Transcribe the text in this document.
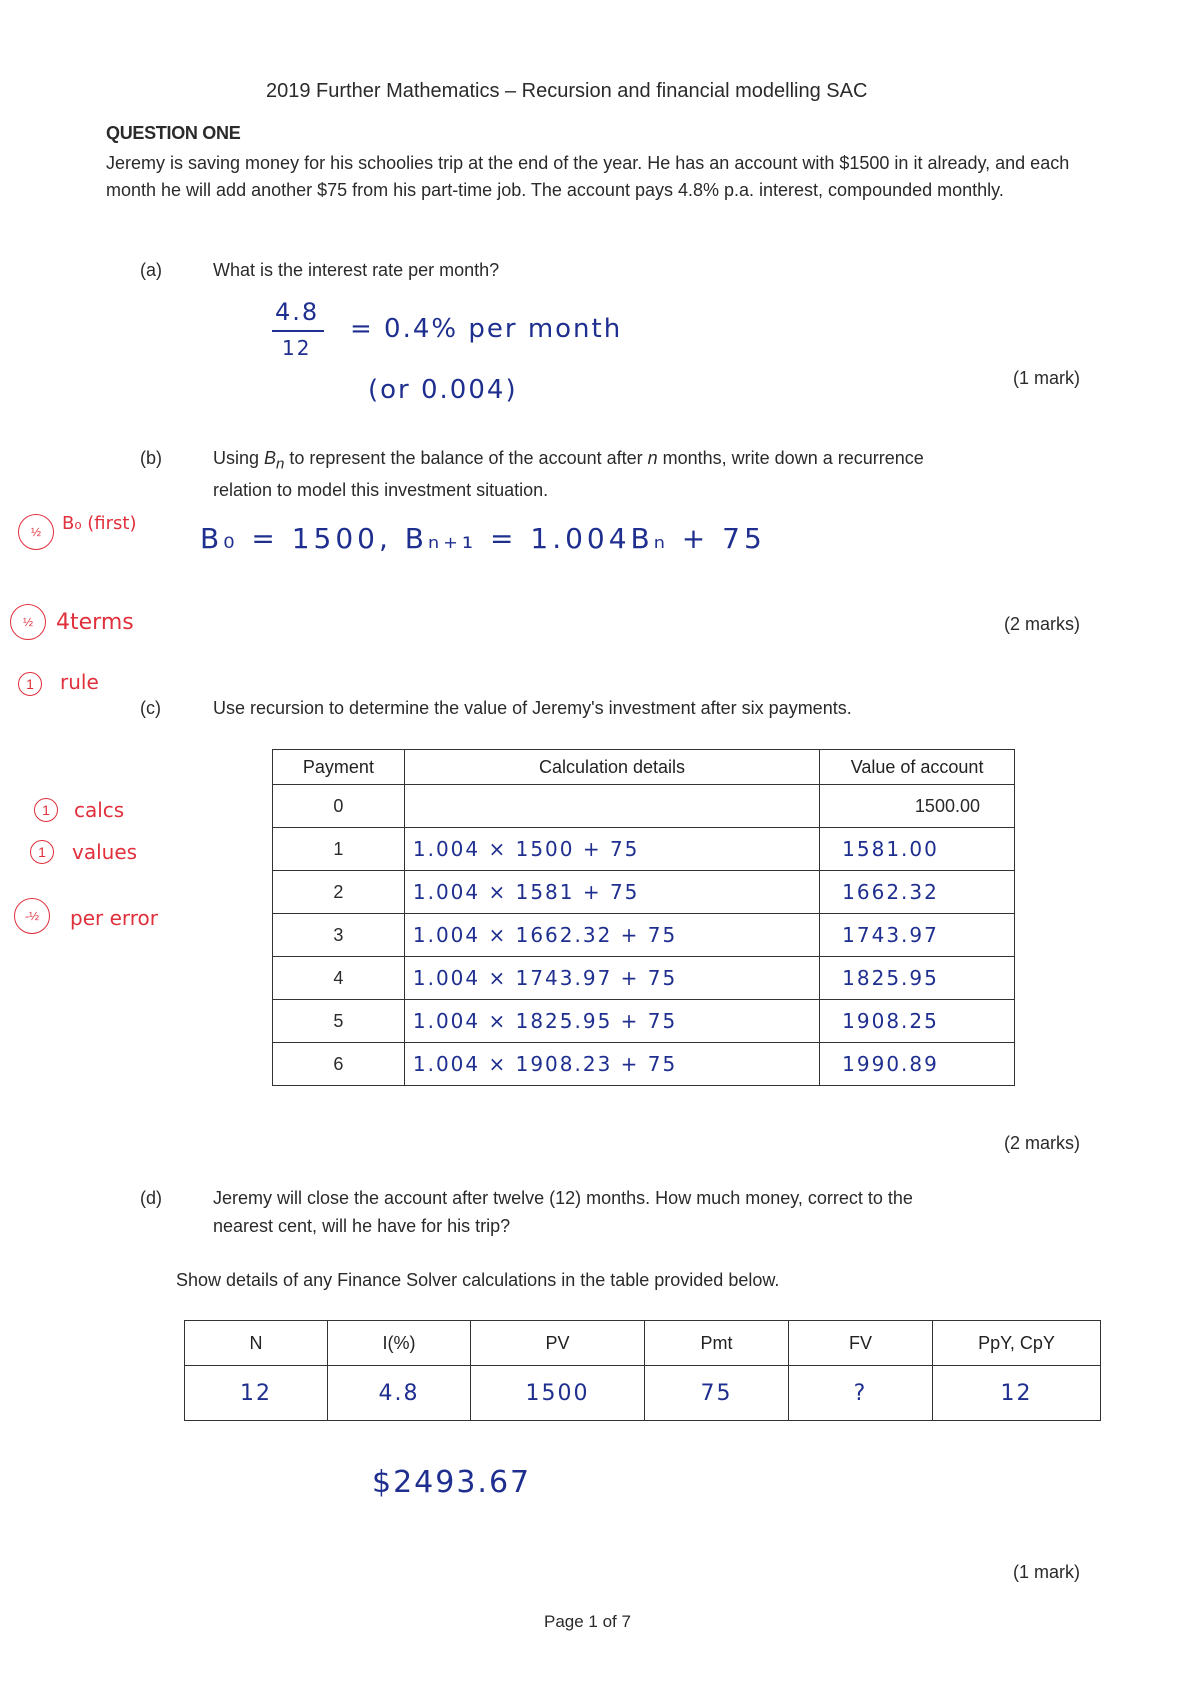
2019 Further Mathematics – Recursion and financial modelling SAC
QUESTION ONE
Jeremy is saving money for his schoolies trip at the end of the year. He has an account with $1500 in it already, and each month he will add another $75 from his part-time job. The account pays 4.8% p.a. interest, compounded monthly.
(a)	What is the interest rate per month?
4.8
12
= 0.4% per month
(or 0.004)	(1 mark)
(b)	Using $B_n$ to represent the balance of the account after n months, write down a recurrence
relation to model this investment situation.
B₀ = 1500, Bₙ₊₁ = 1.004Bₙ + 75
(2 marks)
½	B₀ (first)
½	4terms
1	rule
(c)	Use recursion to determine the value of Jeremy's investment after six payments.
1	calcs
1	values
-½	per error
Payment	Calculation details	Value of account
0		1500.00
1	1.004 × 1500 + 75	1581.00
2	1.004 × 1581 + 75	1662.32
3	1.004 × 1662.32 + 75	1743.97
4	1.004 × 1743.97 + 75	1825.95
5	1.004 × 1825.95 + 75	1908.25
6	1.004 × 1908.23 + 75	1990.89
(2 marks)
(d)	Jeremy will close the account after twelve (12) months. How much money, correct to the
nearest cent, will he have for his trip?
Show details of any Finance Solver calculations in the table provided below.
N	I(%)	PV	Pmt	FV	PpY, CpY
12	4.8	1500	75	?	12
$2493.67
(1 mark)
Page 1 of 7
